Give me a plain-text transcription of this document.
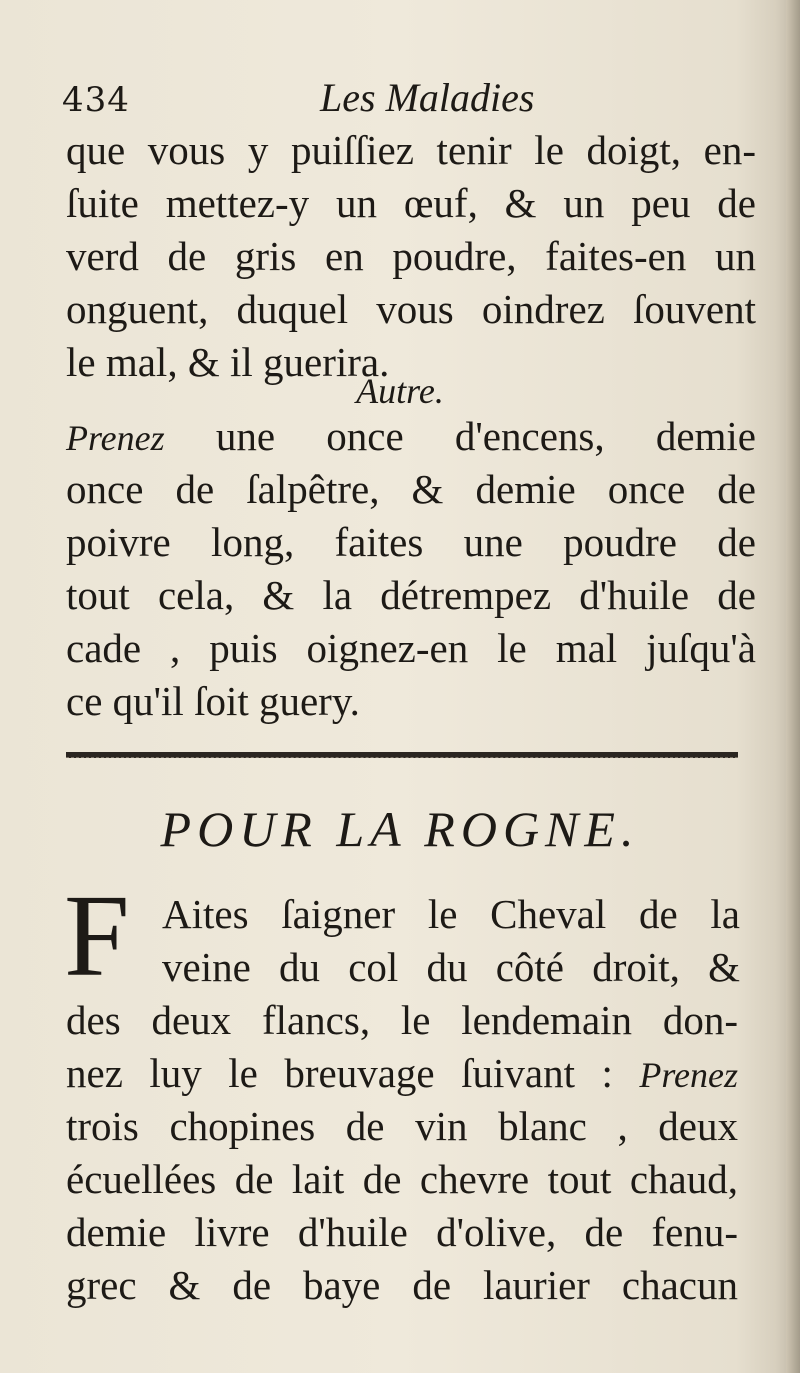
434	Les Maladies
que vous y puiſſiez tenir le doigt, en-
ſuite mettez-y un œuf, & un peu de
verd de gris en poudre, faites-en un
onguent, duquel vous oindrez ſouvent
le mal, & il guerira.
Autre.
Prenez une once d'encens, demie
once de ſalpêtre, & demie once de
poivre long, faites une poudre de
tout cela, & la détrempez d'huile de
cade , puis oignez-en le mal juſqu'à
ce qu'il ſoit guery.
POUR LA ROGNE.
F Aites ſaigner le Cheval de la
veine du col du côté droit, &
des deux flancs, le lendemain don-
nez luy le breuvage ſuivant : Prenez
trois chopines de vin blanc , deux
écuellées de lait de chevre tout chaud,
demie livre d'huile d'olive, de fenu-
grec & de baye de laurier chacun
